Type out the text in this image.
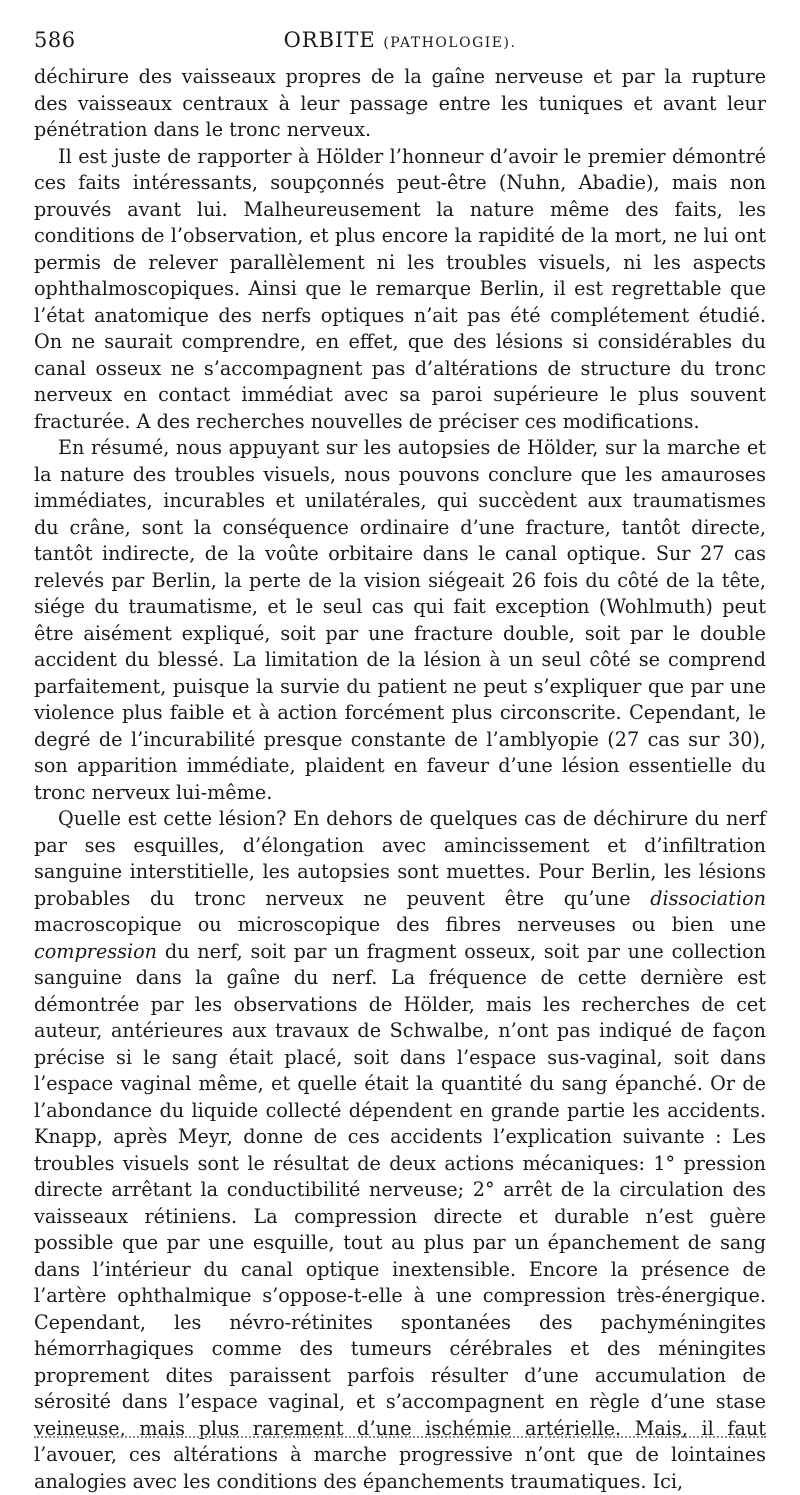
586	ORBITE (PATHOLOGIE).

déchirure des vaisseaux propres de la gaîne nerveuse et par la rupture des vaisseaux centraux à leur passage entre les tuniques et avant leur pénétration dans le tronc nerveux.

Il est juste de rapporter à Hölder l’honneur d’avoir le premier démontré ces faits intéressants, soupçonnés peut-être (Nuhn, Abadie), mais non prouvés avant lui. Malheureusement la nature même des faits, les conditions de l’observation, et plus encore la rapidité de la mort, ne lui ont permis de relever parallèlement ni les troubles visuels, ni les aspects ophthalmoscopiques. Ainsi que le remarque Berlin, il est regrettable que l’état anatomique des nerfs optiques n’ait pas été complétement étudié. On ne saurait comprendre, en effet, que des lésions si considérables du canal osseux ne s’accompagnent pas d’altérations de structure du tronc nerveux en contact immédiat avec sa paroi supérieure le plus souvent fracturée. A des recherches nouvelles de préciser ces modifications.

En résumé, nous appuyant sur les autopsies de Hölder, sur la marche et la nature des troubles visuels, nous pouvons conclure que les amauroses immédiates, incurables et unilatérales, qui succèdent aux traumatismes du crâne, sont la conséquence ordinaire d’une fracture, tantôt directe, tantôt indirecte, de la voûte orbitaire dans le canal optique. Sur 27 cas relevés par Berlin, la perte de la vision siégeait 26 fois du côté de la tête, siége du traumatisme, et le seul cas qui fait exception (Wohlmuth) peut être aisément expliqué, soit par une fracture double, soit par le double accident du blessé. La limitation de la lésion à un seul côté se comprend parfaitement, puisque la survie du patient ne peut s’expliquer que par une violence plus faible et à action forcément plus circonscrite. Cependant, le degré de l’incurabilité presque constante de l’amblyopie (27 cas sur 30), son apparition immédiate, plaident en faveur d’une lésion essentielle du tronc nerveux lui-même.

Quelle est cette lésion? En dehors de quelques cas de déchirure du nerf par ses esquilles, d’élongation avec amincissement et d’infiltration sanguine interstitielle, les autopsies sont muettes. Pour Berlin, les lésions probables du tronc nerveux ne peuvent être qu’une dissociation macroscopique ou microscopique des fibres nerveuses ou bien une compression du nerf, soit par un fragment osseux, soit par une collection sanguine dans la gaîne du nerf. La fréquence de cette dernière est démontrée par les observations de Hölder, mais les recherches de cet auteur, antérieures aux travaux de Schwalbe, n’ont pas indiqué de façon précise si le sang était placé, soit dans l’espace sus-vaginal, soit dans l’espace vaginal même, et quelle était la quantité du sang épanché. Or de l’abondance du liquide collecté dépendent en grande partie les accidents. Knapp, après Meyr, donne de ces accidents l’explication suivante : Les troubles visuels sont le résultat de deux actions mécaniques: 1° pression directe arrêtant la conductibilité nerveuse; 2° arrêt de la circulation des vaisseaux rétiniens. La compression directe et durable n’est guère possible que par une esquille, tout au plus par un épanchement de sang dans l’intérieur du canal optique inextensible. Encore la présence de l’artère ophthalmique s’oppose-t-elle à une compression très-énergique. Cependant, les névro-rétinites spontanées des pachyméningites hémorrhagiques comme des tumeurs cérébrales et des méningites proprement dites paraissent parfois résulter d’une accumulation de sérosité dans l’espace vaginal, et s’accompagnent en règle d’une stase veineuse, mais plus rarement d’une ischémie artérielle. Mais, il faut l’avouer, ces altérations à marche progressive n’ont que de lointaines analogies avec les conditions des épanchements traumatiques. Ici,
